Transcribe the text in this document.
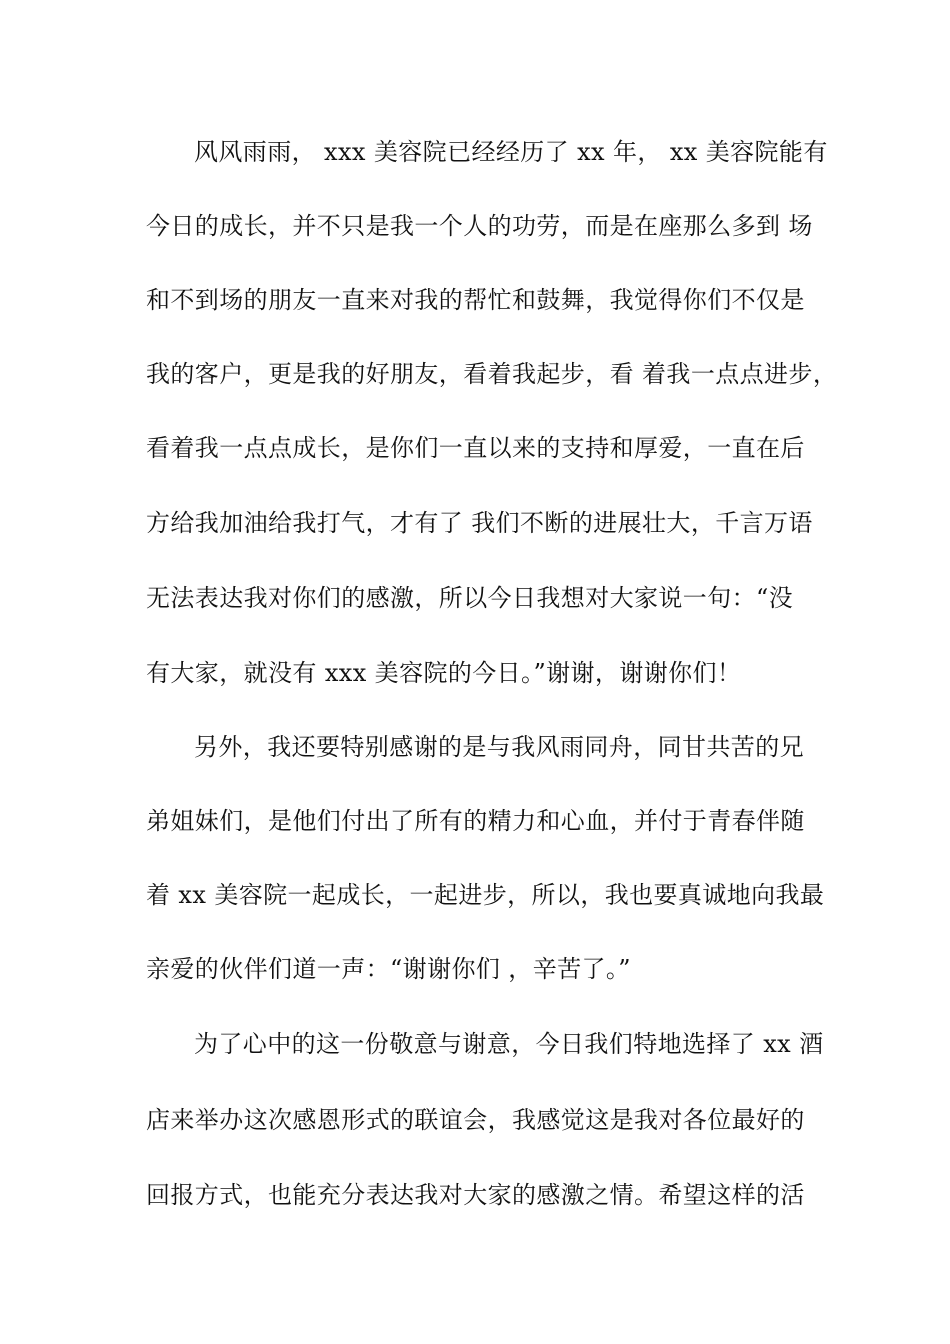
风风雨雨， xxx 美容院已经经历了 xx 年， xx 美容院能有
今日的成长，并不只是我一个人的功劳，而是在座那么多到 场
和不到场的朋友一直来对我的帮忙和鼓舞，我觉得你们不仅是
我的客户，更是我的好朋友，看着我起步，看 着我一点点进步，
看着我一点点成长，是你们一直以来的支持和厚爱，一直在后
方给我加油给我打气，才有了 我们不断的进展壮大，千言万语
无法表达我对你们的感激，所以今日我想对大家说一句：“没
有大家，就没有 xxx 美容院的今日。”谢谢，谢谢你们！
另外，我还要特别感谢的是与我风雨同舟，同甘共苦的兄
弟姐妹们，是他们付出了所有的精力和心血，并付于青春伴随
着 xx 美容院一起成长，一起进步，所以，我也要真诚地向我最
亲爱的伙伴们道一声：“谢谢你们 ，辛苦了。”
为了心中的这一份敬意与谢意，今日我们特地选择了 xx 酒
店来举办这次感恩形式的联谊会，我感觉这是我对各位最好的
回报方式，也能充分表达我对大家的感激之情。希望这样的活
